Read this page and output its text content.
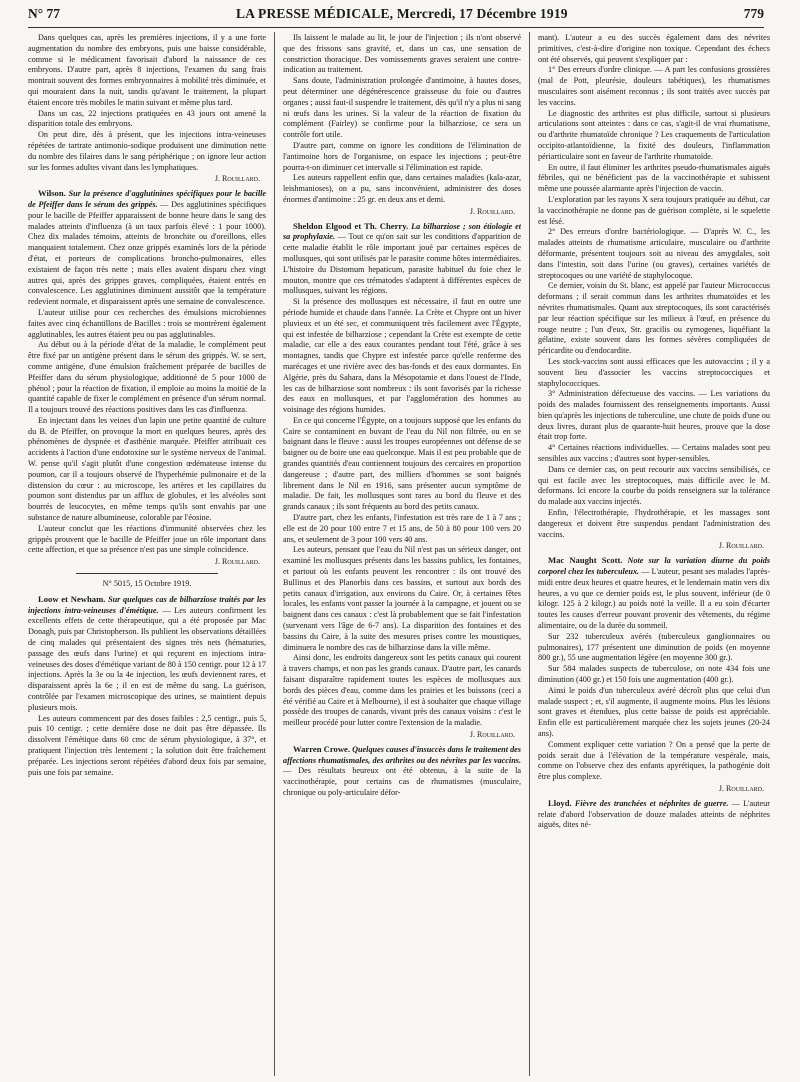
N° 77	LA PRESSE MÉDICALE, Mercredi, 17 Décembre 1919	779

Dans quelques cas, après les premières injections, il y a une forte augmentation du nombre des embryons, puis une baisse considérable, comme si le médicament favorisait d'abord la naissance de ces embryons. D'autre part, après 8 injections, l'examen du sang frais montrait souvent des formes embryonnaires à mobilité très diminuée, et qui mouraient dans la nuit, tandis qu'avant le traitement, la plupart étaient encore très mobiles le matin suivant et même plus tard.

Dans un cas, 22 injections pratiquées en 43 jours ont amené la disparition totale des embryons.

On peut dire, dès à présent, que les injections intra-veineuses répétées de tartrate antimonio-sodique produisent une diminution nette du nombre des filaires dans le sang périphérique ; on ignore leur action sur les formes adultes vivant dans les lymphatiques.

J. Rouillard.

Wilson. Sur la présence d'agglutinines spécifiques pour le bacille de Pfeiffer dans le sérum des grippés. — Des agglutinines spécifiques pour le bacille de Pfeiffer apparaissent de bonne heure dans le sang des malades atteints d'influenza (à un taux parfois élevé : 1 pour 1000). Chez dix malades témoins, atteints de bronchite ou d'oreillons, elles manquaient totalement. Chez onze grippés examinés lors de la période d'état, et porteurs de complications broncho-pulmonaires, elles existaient de façon très nette ; mais elles avaient disparu chez vingt autres qui, après des grippes graves, compliquées, étaient entrés en convalescence. Les agglutinines diminuent aussitôt que la température redevient normale, et disparaissent après une semaine de convalescence.

L'auteur utilise pour ces recherches des émulsions microbiennes faites avec cinq échantillons de Bacilles : trois se montrèrent également agglutinables, les autres étaient peu ou pas agglutinables.

Au début ou à la période d'état de la maladie, le complément peut être fixé par un antigène présent dans le sérum des grippés. W. se sert, comme antigène, d'une émulsion fraîchement préparée de bacilles de Pfeiffer dans du sérum physiologique, additionné de 5 pour 1000 de phénol ; pour la réaction de fixation, il emploie au moins la moitié de la quantité capable de fixer le complément en présence d'un sérum normal. Il a toujours trouvé des réactions positives dans les cas d'influenza.

En injectant dans les veines d'un lapin une petite quantité de culture du B. de Pfeiffer, on provoque la mort en quelques heures, après des phénomènes de dyspnée et d'asthénie marquée. Pfeiffer attribuait ces accidents à l'action d'une endotoxine sur le système nerveux de l'animal. W. pense qu'il s'agit plutôt d'une congestion œdémateuse intense du poumon, car il a toujours observé de l'hyperhémie pulmonaire et de la distension du cœur : au microscope, les artères et les capillaires du poumon sont distendus par un afflux de globules, et les alvéoles sont bourrés de leucocytes, en même temps qu'ils sont envahis par une substance de nature albumineuse, colorable par l'éosine.

L'auteur conclut que les réactions d'immunité observées chez les grippés prouvent que le bacille de Pfeiffer joue un rôle important dans cette affection, et que sa présence n'est pas une simple coïncidence.

J. Rouillard.
N° 5015, 15 Octobre 1919.

Loow et Newham. Sur quelques cas de bilharziose traités par les injections intra-veineuses d'émétique. — Les auteurs confirment les excellents effets de cette thérapeutique, qui a été proposée par Mac Donagh, puis par Christopherson. Ils publient les observations détaillées de cinq malades qui présentaient des signes très nets (hématuries, passage des œufs dans l'urine) et qui reçurent en injections intra-veineuses des doses d'émétique variant de 80 à 150 centigr. pour 12 à 17 injections. Après la 3e ou la 4e injection, les œufs deviennent rares, et disparaissent après la 6e ; il en est de même du sang. La guérison, contrôlée par l'examen microscopique des urines, se maintient depuis plusieurs mois.

Les auteurs commencent par des doses faibles : 2,5 centigr., puis 5, puis 10 centigr. ; cette dernière dose ne doit pas être dépassée. Ils dissolvent l'émétique dans 60 cmc de sérum physiologique, à 37°, et pratiquent l'injection très lentement ; la solution doit être fraîchement préparée. Les injections seront répétées d'abord deux fois par semaine, puis une fois par semaine.

Ils laissent le malade au lit, le jour de l'injection ; ils n'ont observé que des frissons sans gravité, et, dans un cas, une sensation de constriction thoracique. Des vomissements graves seraient une contre-indication au traitement.

Sans doute, l'administration prolongée d'antimoine, à hautes doses, peut déterminer une dégénérescence graisseuse du foie ou d'autres organes ; aussi faut-il suspendre le traitement, dès qu'il n'y a plus ni sang ni œufs dans les urines. Si la valeur de la réaction de fixation du complément (Fairley) se confirme pour la bilharziose, ce sera un contrôle fort utile.

D'autre part, comme on ignore les conditions de l'élimination de l'antimoine hors de l'organisme, on espace les injections ; peut-être pourra-t-on diminuer cet intervalle si l'élimination est rapide.

Les auteurs rappellent enfin que, dans certaines maladies (kala-azar, leishmanioses), on a pu, sans inconvénient, administrer des doses énormes d'antimoine : 25 gr. en deux ans et demi.

J. Rouillard.

Sheldon Elgood et Th. Cherry. La bilharziose ; son étiologie et sa prophylaxie. — Tout ce qu'on sait sur les conditions d'apparition de cette maladie établit le rôle important joué par certaines espèces de mollusques, qui sont utilisés par le parasite comme hôtes intermédiaires. L'histoire du Distomum hepaticum, parasite habituel du foie chez le mouton, montre que ces trématodes s'adaptent à différentes espèces de mollusques, suivant les régions.

Si la présence des mollusques est nécessaire, il faut en outre une période humide et chaude dans l'année. La Crète et Chypre ont un hiver pluvieux et un été sec, et communiquent très facilement avec l'Égypte, qui est infestée de bilharziose ; cependant la Crète est exempte de cette maladie, car elle a des eaux courantes pendant tout l'été, grâce à ses montagnes, tandis que Chypre est infestée parce qu'elle renferme des marécages et une rivière avec des bas-fonds et des eaux dormantes. En Algérie, près du Sahara, dans la Mésopotamie et dans l'ouest de l'Inde, les cas de bilharziose sont nombreux : ils sont favorisés par la richesse des eaux en mollusques, et par l'agglomération des hommes au voisinage des régions humides.

En ce qui concerne l'Égypte, on a toujours supposé que les enfants du Caire se contaminent en buvant de l'eau du Nil non filtrée, ou en se baignant dans le fleuve : aussi les troupes européennes ont défense de se baigner ou de boire une eau quelconque. Mais il est peu probable que de grandes quantités d'eau contiennent toujours des cercaires en proportion dangereuse ; d'autre part, des milliers d'hommes se sont baignés librement dans le Nil en 1916, sans présenter aucun symptôme de maladie. De fait, les mollusques sont rares au bord du fleuve et des grands canaux ; ils sont fréquents au bord des petits canaux.

D'autre part, chez les enfants, l'infestation est très rare de 1 à 7 ans ; elle est de 20 pour 100 entre 7 et 15 ans, de 50 à 80 pour 100 vers 20 ans, et seulement de 3 pour 100 vers 40 ans.

Les auteurs, pensant que l'eau du Nil n'est pas un sérieux danger, ont examiné les mollusques présents dans les bassins publics, les fontaines, et partout où les enfants peuvent les rencontrer : ils ont trouvé des Bullinus et des Planorbis dans ces bassins, et surtout aux bords des petits canaux d'irrigation, aux environs du Caire. Or, à certaines fêtes locales, les enfants vont passer la journée à la campagne, et jouent ou se baignent dans ces canaux : c'est là probablement que se fait l'infestation (survenant vers l'âge de 6-7 ans). La disparition des fontaines et des bassins du Caire, à la suite des mesures prises contre les moustiques, diminuera le nombre des cas de bilharziose dans la ville même.

Ainsi donc, les endroits dangereux sont les petits canaux qui courent à travers champs, et non pas les grands canaux. D'autre part, les canards faisant disparaître rapidement toutes les espèces de mollusques aux bords des pièces d'eau, comme dans les prairies et les buissons (ceci a été vérifié au Caire et à Melbourne), il est à souhaiter que chaque village possède des troupes de canards, vivant près des canaux voisins : c'est le meilleur procédé pour lutter contre l'extension de la maladie.

J. Rouillard.

Warren Crowe. Quelques causes d'insuccès dans le traitement des affections rhumatismales, des arthrites ou des névrites par les vaccins. — Des résultats heureux ont été obtenus, à la suite de la vaccinothérapie, pour certains cas de rhumatismes (musculaire, chronique ou poly-articulaire défor-

mant). L'auteur a eu des succès également dans des névrites primitives, c'est-à-dire d'origine non toxique. Cependant des échecs ont été observés, qui peuvent s'expliquer par :

1° Des erreurs d'ordre clinique. — A part les confusions grossières (mal de Pott, pleurésie, douleurs tabétiques), les rhumatismes musculaires sont aisément reconnus ; ils sont traités avec succès par les vaccins.

Le diagnostic des arthrites est plus difficile, surtout si plusieurs articulations sont atteintes : dans ce cas, s'agit-il de vrai rhumatisme, ou d'arthrite rhumatoïde chronique ? Les craquements de l'articulation occipito-atlantoïdienne, la fixité des douleurs, l'inflammation périarticulaire sont en faveur de l'arthrite rhumatoïde.

En outre, il faut éliminer les arthrites pseudo-rhumatismales aiguës fébriles, qui ne bénéficient pas de la vaccinothérapie et subissent même une poussée alarmante après l'injection de vaccin.

L'exploration par les rayons X sera toujours pratiquée au début, car la vaccinothérapie ne donne pas de guérison complète, si le squelette est lésé.

2° Des erreurs d'ordre bactériologique. — D'après W. C., les malades atteints de rhumatisme articulaire, musculaire ou d'arthrite déformante, présentent toujours soit au niveau des amygdales, soit dans l'intestin, soit dans l'urine (ou graves), certaines variétés de streptocoques ou une variété de staphylocoque.

Ce dernier, voisin du St. blanc, est appelé par l'auteur Micrococcus deformans ; il serait commun dans les arthrites rhumatoïdes et les névrites rhumatismales. Quant aux streptocoques, ils sont caractérisés par leur réaction spécifique sur les milieux à l'œuf, en présence du rouge neutre ; l'un d'eux, Str. gracilis ou zymogenes, liquéfiant la gélatine, existe souvent dans les formes sévères compliquées de péricardite ou d'endocardite.

Les stock-vaccins sont aussi efficaces que les autovaccins ; il y a souvent lieu d'associer les vaccins streptococciques et staphylococciques.

3° Administration défectueuse des vaccins. — Les variations du poids des malades fournissent des renseignements importants. Aussi bien qu'après les injections de tuberculine, une chute de poids d'une ou deux livres, durant plus de quarante-huit heures, prouve que la dose était trop forte.

4° Certaines réactions individuelles. — Certains malades sont peu sensibles aux vaccins ; d'autres sont hyper-sensibles.

Dans ce dernier cas, on peut recourir aux vaccins sensibilisés, ce qui est facile avec les streptocoques, mais difficile avec le M. deformans. Ici encore la courbe du poids renseignera sur la tolérance du malade aux vaccins injectés.

Enfin, l'électrothérapie, l'hydrothérapie, et les massages sont dangereux et doivent être suspendus pendant l'administration des vaccins.

J. Rouillard.

Mac Naught Scott. Note sur la variation diurne du poids corporel chez les tuberculeux. — L'auteur, pesant ses malades l'après-midi entre deux heures et quatre heures, et le lendemain matin vers dix heures, a vu que ce dernier poids est, le plus souvent, inférieur (de 0 kilogr. 125 à 2 kilogr.) au poids noté la veille. Il a eu soin d'écarter toutes les causes d'erreur pouvant provenir des vêtements, du régime alimentaire, ou de la durée du sommeil.

Sur 232 tuberculeux avérés (tuberculeux ganglionnaires ou pulmonaires), 177 présentent une diminution de poids (en moyenne 800 gr.), 55 une augmentation légère (en moyenne 300 gr.).

Sur 584 malades suspects de tuberculose, on note 434 fois une diminution (400 gr.) et 150 fois une augmentation (400 gr.).

Ainsi le poids d'un tuberculeux avéré décroît plus que celui d'un malade suspect ; et, s'il augmente, il augmente moins. Plus les lésions sont graves et étendues, plus cette baisse de poids est appréciable. Enfin elle est particulièrement marquée chez les sujets jeunes (20-24 ans).

Comment expliquer cette variation ? On a pensé que la perte de poids serait due à l'élévation de la température vespérale, mais, comme on l'observe chez des enfants apyrétiques, la pathogénie doit être plus complexe.

J. Rouillard.

Lloyd. Fièvre des tranchées et néphrites de guerre. — L'auteur relate d'abord l'observation de douze malades atteints de néphrites aiguës, dites né-
